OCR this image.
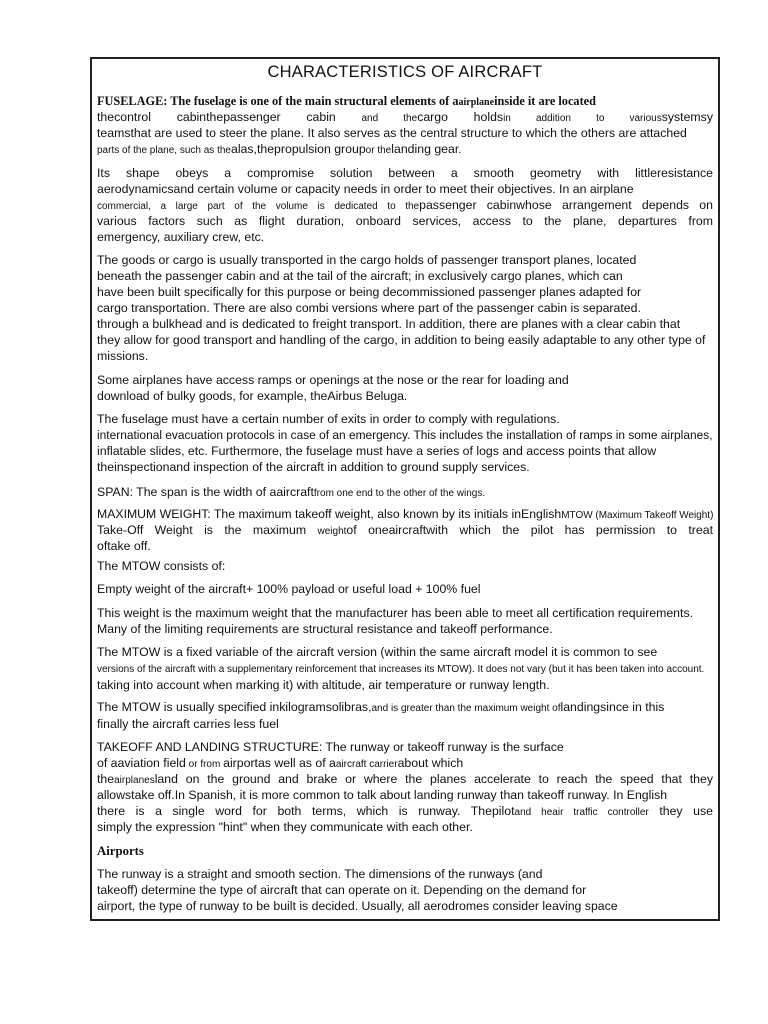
CHARACTERISTICS OF AIRCRAFT
FUSELAGE: The fuselage is one of the main structural elements of aairplaneinside it are located
thecontrol cabinthepassenger cabin and thecargo holdsin addition to varioussystemsy
teamsthat are used to steer the plane. It also serves as the central structure to which the others are attached
parts of the plane, such as thealas,thepropulsion groupor thelanding gear.
Its shape obeys a compromise solution between a smooth geometry with littleresistance
aerodynamicsand certain volume or capacity needs in order to meet their objectives. In an airplane
commercial, a large part of the volume is dedicated to thepassenger cabinwhose arrangement depends on
various factors such as flight duration, onboard services, access to the plane, departures from
emergency, auxiliary crew, etc.
The goods or cargo is usually transported in the cargo holds of passenger transport planes, located
beneath the passenger cabin and at the tail of the aircraft; in exclusively cargo planes, which can
have been built specifically for this purpose or being decommissioned passenger planes adapted for
cargo transportation. There are also combi versions where part of the passenger cabin is separated.
through a bulkhead and is dedicated to freight transport. In addition, there are planes with a clear cabin that
they allow for good transport and handling of the cargo, in addition to being easily adaptable to any other type of
missions.
Some airplanes have access ramps or openings at the nose or the rear for loading and
download of bulky goods, for example, theAirbus Beluga.
The fuselage must have a certain number of exits in order to comply with regulations.
international evacuation protocols in case of an emergency. This includes the installation of ramps in some airplanes,
inflatable slides, etc. Furthermore, the fuselage must have a series of logs and access points that allow
theinspectionand inspection of the aircraft in addition to ground supply services.
SPAN: The span is the width of aaircraftfrom one end to the other of the wings.
MAXIMUM WEIGHT: The maximum takeoff weight, also known by its initials inEnglishMTOW (Maximum Takeoff Weight)
Take-Off Weight is the maximum weightof oneaircraftwith which the pilot has permission to treat
oftake off.
The MTOW consists of:
Empty weight of the aircraft+ 100% payload or useful load + 100% fuel
This weight is the maximum weight that the manufacturer has been able to meet all certification requirements.
Many of the limiting requirements are structural resistance and takeoff performance.
The MTOW is a fixed variable of the aircraft version (within the same aircraft model it is common to see
versions of the aircraft with a supplementary reinforcement that increases its MTOW). It does not vary (but it has been taken into account.
taking into account when marking it) with altitude, air temperature or runway length.
The MTOW is usually specified inkilogramsolibras,and is greater than the maximum weight oflandingsince in this
finally the aircraft carries less fuel
TAKEOFF AND LANDING STRUCTURE: The runway or takeoff runway is the surface
of aaviation field or from airportas well as of aaircraft carrierabout which
theairplanesland on the ground and brake or where the planes accelerate to reach the speed that they
allowstake off.In Spanish, it is more common to talk about landing runway than takeoff runway. In English
there is a single word for both terms, which is runway. Thepilotand heair traffic controller they use
simply the expression "hint" when they communicate with each other.
Airports
The runway is a straight and smooth section. The dimensions of the runways (and
takeoff) determine the type of aircraft that can operate on it. Depending on the demand for
airport, the type of runway to be built is decided. Usually, all aerodromes consider leaving space
